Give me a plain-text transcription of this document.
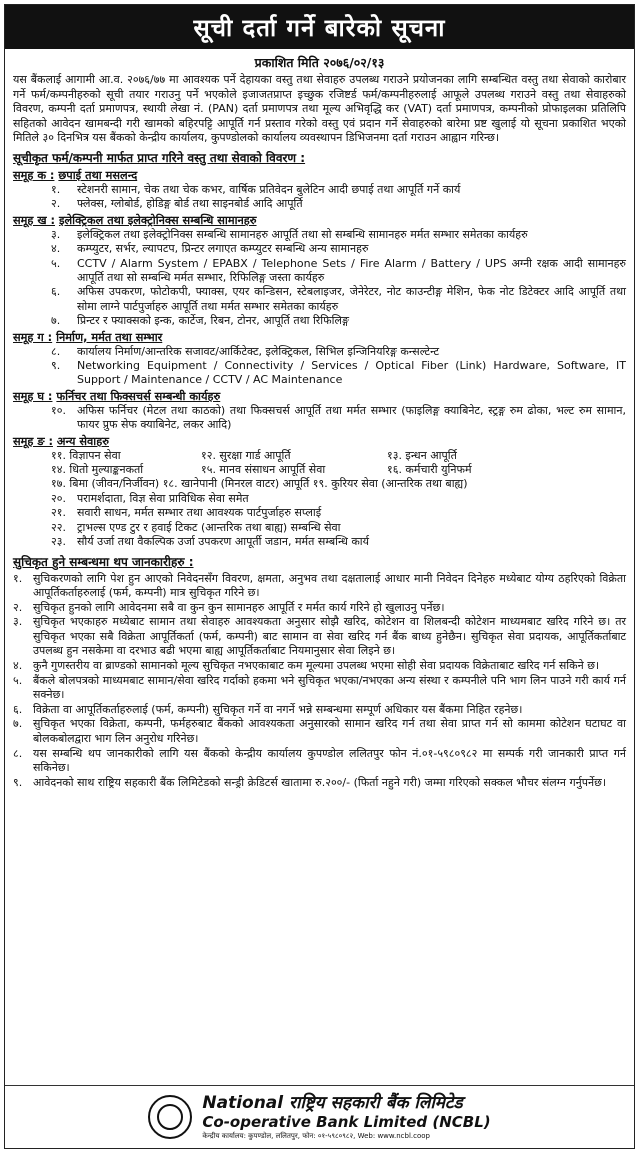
सूची दर्ता गर्ने बारेको सूचना
प्रकाशित मिति २०७६/०२/१३
यस बैंकलाई आगामी आ.व. २०७६/७७ मा आवश्यक पर्ने देहायका वस्तु तथा सेवाहरु उपलब्ध गराउने प्रयोजनका लागि सम्बन्धित वस्तु तथा सेवाको कारोबार गर्ने फर्म/कम्पनीहरुको सूची तयार गराउनु पर्ने भएकोले इजाजतप्राप्त इच्छुक रजिष्टर्ड फर्म/कम्पनीहरुलाई आफूले उपलब्ध गराउने वस्तु तथा सेवाहरुको विवरण, कम्पनी दर्ता प्रमाणपत्र, स्थायी लेखा नं. (PAN) दर्ता प्रमाणपत्र तथा मूल्य अभिवृद्धि कर (VAT) दर्ता प्रमाणपत्र, कम्पनीको प्रोफाइलका प्रतिलिपि सहितको आवेदन खामबन्दी गरी खामको बहिरपट्टि आपूर्ति गर्न प्रस्ताव गरेको वस्तु एवं प्रदान गर्ने सेवाहरुको बारेमा प्रष्ट खुलाई यो सूचना प्रकाशित भएको मितिले ३० दिनभित्र यस बैंकको केन्द्रीय कार्यालय, कुपण्डोलको कार्यालय व्यवस्थापन डिभिजनमा दर्ता गराउन आह्वान गरिन्छ।
सूचीकृत फर्म/कम्पनी मार्फत प्राप्त गरिने वस्तु तथा सेवाको विवरण :
समूह क : छपाई तथा मसलन्द
१.	स्टेशनरी सामान, चेक तथा चेक कभर, वार्षिक प्रतिवेदन बुलेटिन आदी छपाई तथा आपूर्ति गर्ने कार्य
२.	फ्लेक्स, ग्लोबोर्ड, होडिङ्ग बोर्ड तथा साइनबोर्ड आदि आपूर्ति
समूह ख : इलेक्ट्रिकल तथा इलेक्ट्रोनिक्स सम्बन्धि सामानहरु
३.	इलेक्ट्रिकल तथा इलेक्ट्रोनिक्स सम्बन्धि सामानहरु आपूर्ति तथा सो सम्बन्धि सामानहरु मर्मत सम्भार समेतका कार्यहरु
४.	कम्प्युटर, सर्भर, ल्यापटप, प्रिन्टर लगाएत कम्प्युटर सम्बन्धि अन्य सामानहरु
५.	CCTV / Alarm System / EPABX / Telephone Sets / Fire Alarm / Battery / UPS अग्नी रक्षक आदी सामानहरु आपूर्ति तथा सो सम्बन्धि मर्मत सम्भार, रिफिलिङ्ग जस्ता कार्यहरु
६.	अफिस उपकरण, फोटोकपी, फ्याक्स, एयर कन्डिसन, स्टेबलाइजर, जेनेरेटर, नोट काउन्टीङ्ग मेशिन, फेक नोट डिटेक्टर आदि आपूर्ति तथा सोमा लाग्ने पार्टपुर्जाहरु आपूर्ति तथा मर्मत सम्भार समेतका कार्यहरु
७.	प्रिन्टर र फ्याक्सको इन्क, कार्टेज, रिबन, टोनर, आपूर्ति तथा रिफिलिङ्ग
समूह ग : निर्माण, मर्मत तथा सम्भार
८.	कार्यालय निर्माण/आन्तरिक सजावट/आर्किटेक्ट, इलेक्ट्रिकल, सिभिल इन्जिनियरिङ्ग कन्सल्टेन्ट
९.	Networking Equipment / Connectivity / Services / Optical Fiber (Link) Hardware, Software, IT Support / Maintenance / CCTV / AC Maintenance
समूह घ : फर्निचर तथा फिक्सचर्स सम्बन्धी कार्यहरु
१०.	अफिस फर्निचर (मेटल तथा काठको) तथा फिक्सचर्स आपूर्ति तथा मर्मत सम्भार (फाइलिङ्ग क्याबिनेट, स्ट्रङ्ग रुम ढोका, भल्ट रुम सामान, फायर प्रुफ सेफ क्याबिनेट, लकर आदि)
समूह ङ : अन्य सेवाहरु
११. विज्ञापन सेवा	१२. सुरक्षा गार्ड आपूर्ति	१३. इन्धन आपूर्ति
१४. धितो मुल्याङ्कनकर्ता	१५. मानव संसाधन आपूर्ति सेवा	१६. कर्मचारी युनिफर्म
१७. बिमा (जीवन/निर्जीवन) १८. खानेपानी (मिनरल वाटर) आपूर्ति १९. कुरियर सेवा (आन्तरिक तथा बाह्य)
२०.	परामर्शदाता, विज्ञ सेवा प्राविधिक सेवा समेत
२१.	सवारी साधन, मर्मत सम्भार तथा आवश्यक पार्टपुर्जाहरु सप्लाई
२२.	ट्राभल्स एण्ड टुर र हवाई टिकट (आन्तरिक तथा बाह्य) सम्बन्धि सेवा
२३.	सौर्य उर्जा तथा वैकल्पिक उर्जा उपकरण आपूर्ती जडान, मर्मत सम्बन्धि कार्य
सुचिकृत हुने सम्बन्धमा थप जानकारीहरु :
१. सुचिकरणको लागि पेश हुन आएको निवेदनसँग विवरण, क्षमता, अनुभव तथा दक्षतालाई आधार मानी निवेदन दिनेहरु मध्येबाट योग्य ठहरिएको विक्रेता आपूर्तिकर्ताहरुलाई (फर्म, कम्पनी) मात्र सुचिकृत गरिने छ।
२. सुचिकृत हुनको लागि आवेदनमा सबै वा कुन कुन सामानहरु आपूर्ति र मर्मत कार्य गरिने हो खुलाउनु पर्नेछ।
३. सुचिकृत भएकाहरु मध्येबाट सामान तथा सेवाहरु आवश्यकता अनुसार सोझै खरिद, कोटेशन वा शिलबन्दी कोटेशन माध्यमबाट खरिद गरिने छ। तर सुचिकृत भएका सबै विक्रेता आपूर्तिकर्ता (फर्म, कम्पनी) बाट सामान वा सेवा खरिद गर्न बैंक बाध्य हुनेछैन। सुचिकृत सेवा प्रदायक, आपूर्तिकर्ताबाट उपलब्ध हुन नसकेमा वा दरभाउ बढी भएमा बाह्य आपूर्तिकर्ताबाट नियमानुसार सेवा लिइने छ।
४. कुनै गुणस्तरीय वा ब्राण्डको सामानको मूल्य सुचिकृत नभएकाबाट कम मूल्यमा उपलब्ध भएमा सोही सेवा प्रदायक विक्रेताबाट खरिद गर्न सकिने छ।
५. बैंकले बोलपत्रको माध्यमबाट सामान/सेवा खरिद गर्दाको हकमा भने सुचिकृत भएका/नभएका अन्य संस्था र कम्पनीले पनि भाग लिन पाउने गरी कार्य गर्न सक्नेछ।
६. विक्रेता वा आपूर्तिकर्ताहरुलाई (फर्म, कम्पनी) सुचिकृत गर्ने वा नगर्ने भन्ने सम्बन्धमा सम्पूर्ण अधिकार यस बैंकमा निहित रहनेछ।
७. सुचिकृत भएका विक्रेता, कम्पनी, फर्महरुबाट बैंकको आवश्यकता अनुसारको सामान खरिद गर्न तथा सेवा प्राप्त गर्न सो काममा कोटेशन घटाघट वा बोलकबोलद्वारा भाग लिन अनुरोध गरिनेछ।
८. यस सम्बन्धि थप जानकारीको लागि यस बैंकको केन्द्रीय कार्यालय कुपण्डोल ललितपुर फोन नं.०१-५९८०९८२ मा सम्पर्क गरी जानकारी प्राप्त गर्न सकिनेछ।
९. आवेदनको साथ राष्ट्रिय सहकारी बैंक लिमिटेडको सन्ड्री क्रेडिटर्स खातामा रु.२००/- (फिर्ता नहुने गरी) जम्मा गरिएको सक्कल भौचर संलग्न गर्नुपर्नेछ।
National राष्ट्रिय सहकारी बैंक लिमिटेड
Co-operative Bank Limited (NCBL)
केन्द्रीय कार्यालय: कुपण्डोल, ललितपुर, फोन: ०१-५९८०९८२, Web: www.ncbl.coop
